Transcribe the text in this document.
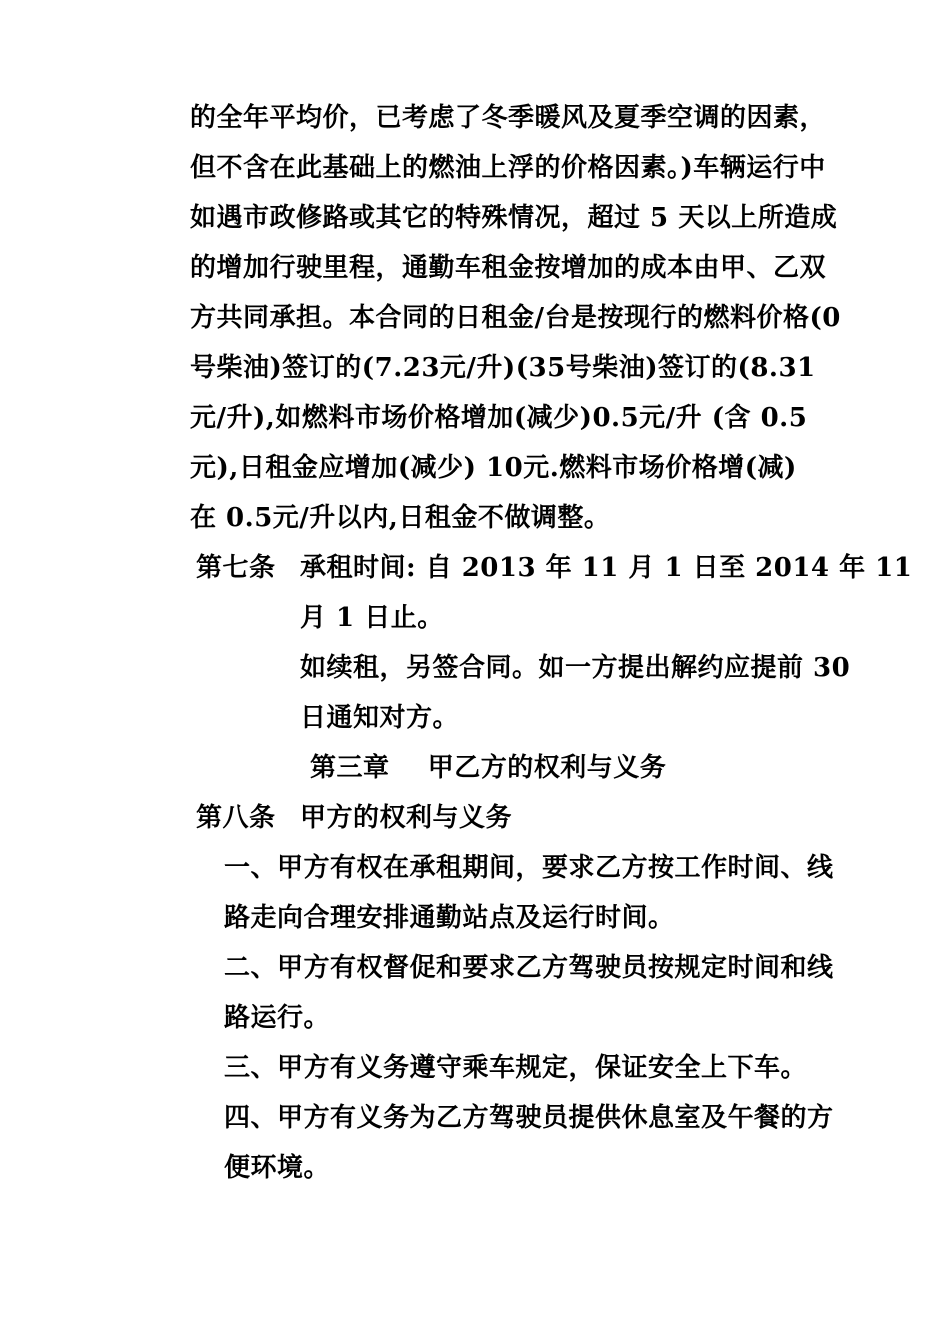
的全年平均价，已考虑了冬季暖风及夏季空调的因素，
但不含在此基础上的燃油上浮的价格因素。)车辆运行中
如遇市政修路或其它的特殊情况，超过 5 天以上所造成
的增加行驶里程，通勤车租金按增加的成本由甲、乙双
方共同承担。本合同的日租金/台是按现行的燃料价格(0
号柴油)签订的(7.23元/升)(35号柴油)签订的(8.31
元/升),如燃料市场价格增加(减少)0.5元/升 (含 0.5
元),日租金应增加(减少) 10元.燃料市场价格增(减)
在 0.5元/升以内,日租金不做调整。
第七条 承租时间: 自 2013 年 11 月 1 日至 2014 年 11
月 1 日止。
如续租，另签合同。如一方提出解约应提前 30
日通知对方。
第三章    甲乙方的权利与义务
第八条 甲方的权利与义务
一、甲方有权在承租期间，要求乙方按工作时间、线
路走向合理安排通勤站点及运行时间。
二、甲方有权督促和要求乙方驾驶员按规定时间和线
路运行。
三、甲方有义务遵守乘车规定，保证安全上下车。
四、甲方有义务为乙方驾驶员提供休息室及午餐的方
便环境。
